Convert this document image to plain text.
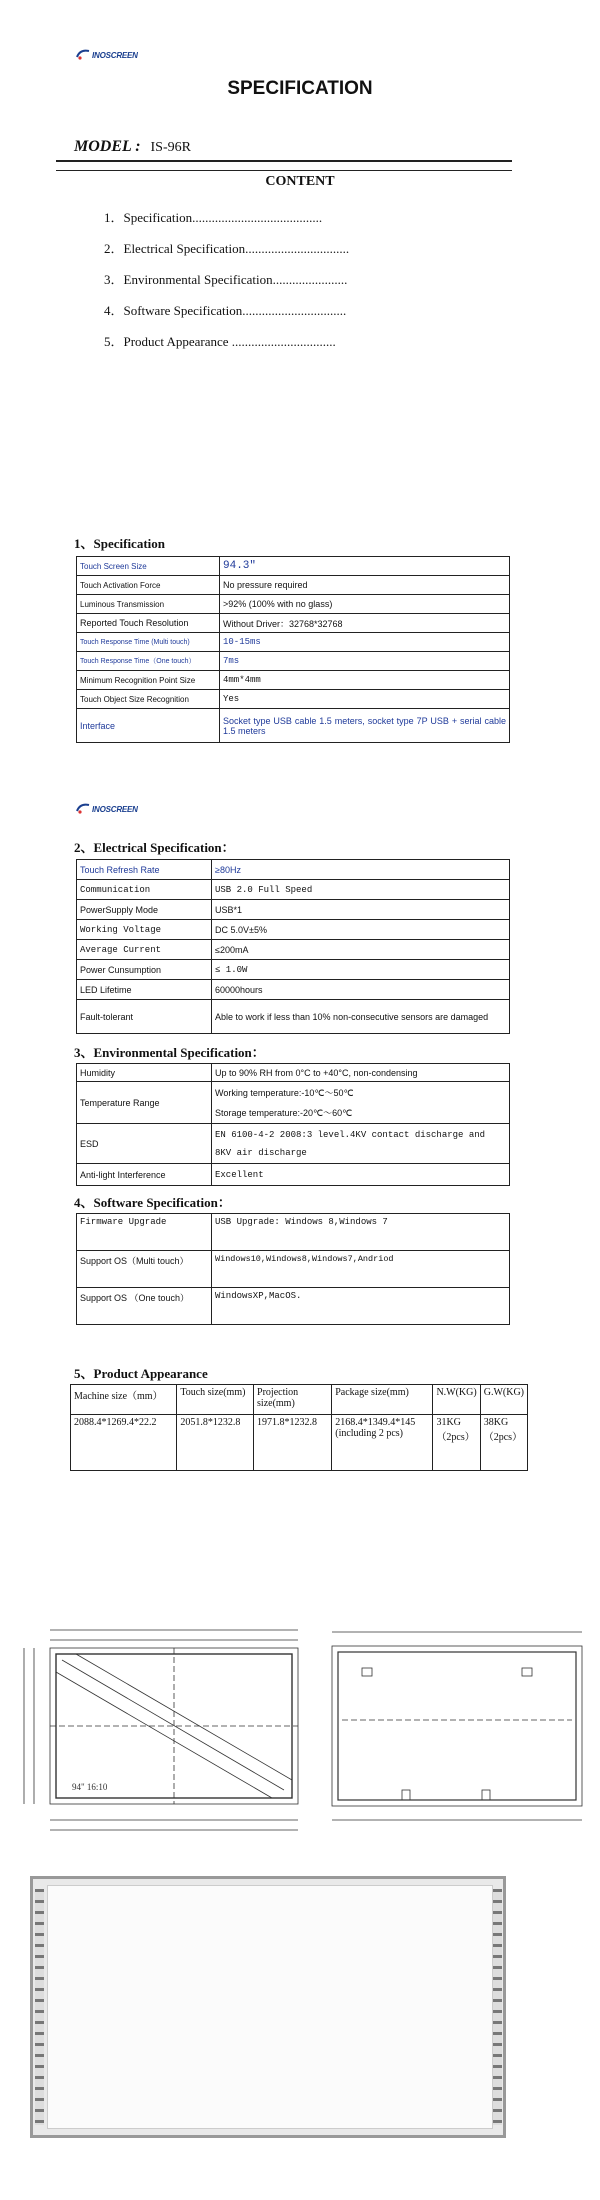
INOSCREEN
SPECIFICATION
MODEL : IS-96R
CONTENT
1．Specification........................................
2．Electrical Specification................................
3．Environmental Specification.......................
4．Software Specification................................
5．Product Appearance ................................
1、Specification
Touch Screen Size	94.3"
Touch Activation Force	No pressure required
Luminous Transmission	>92% (100% with no glass)
Reported Touch Resolution	Without Driver：32768*32768
Touch Response Time (Multi touch)	10-15ms
Touch Response Time（One touch）	7ms
Minimum Recognition Point Size	4mm*4mm
Touch Object Size Recognition	Yes
Interface	Socket type USB cable 1.5 meters, socket type 7P USB + serial cable 1.5 meters
INOSCREEN
2、Electrical Specification：
Touch Refresh Rate	≥80Hz
Communication	USB 2.0 Full Speed
PowerSupply Mode	USB*1
Working Voltage	DC 5.0V±5%
Average Current	≤200mA
Power Cunsumption	≤ 1.0W
LED Lifetime	60000hours
Fault-tolerant	Able to work if less than 10% non-consecutive sensors are damaged
3、Environmental Specification：
Humidity	Up to 90% RH from 0°C to +40°C, non-condensing
Temperature Range	Working temperature:-10℃～50℃
	Storage temperature:-20℃～60℃
ESD	EN 6100-4-2 2008:3 level.4KV contact discharge and 8KV air discharge
Anti-light Interference	Excellent
4、Software Specification：
Firmware Upgrade	USB Upgrade: Windows 8,Windows 7
Support OS（Multi touch）	Windows10,Windows8,Windows7,Andriod
Support OS （One touch）	WindowsXP,MacOS.
5、Product Appearance
Machine size（mm）	Touch size(mm)	Projection size(mm)	Package size(mm)	N.W(KG)	G.W(KG)
2088.4*1269.4*22.2	2051.8*1232.8	1971.8*1232.8	2168.4*1349.4*145 (including 2 pcs)	31KG （2pcs）	38KG （2pcs）
94" 16:10
